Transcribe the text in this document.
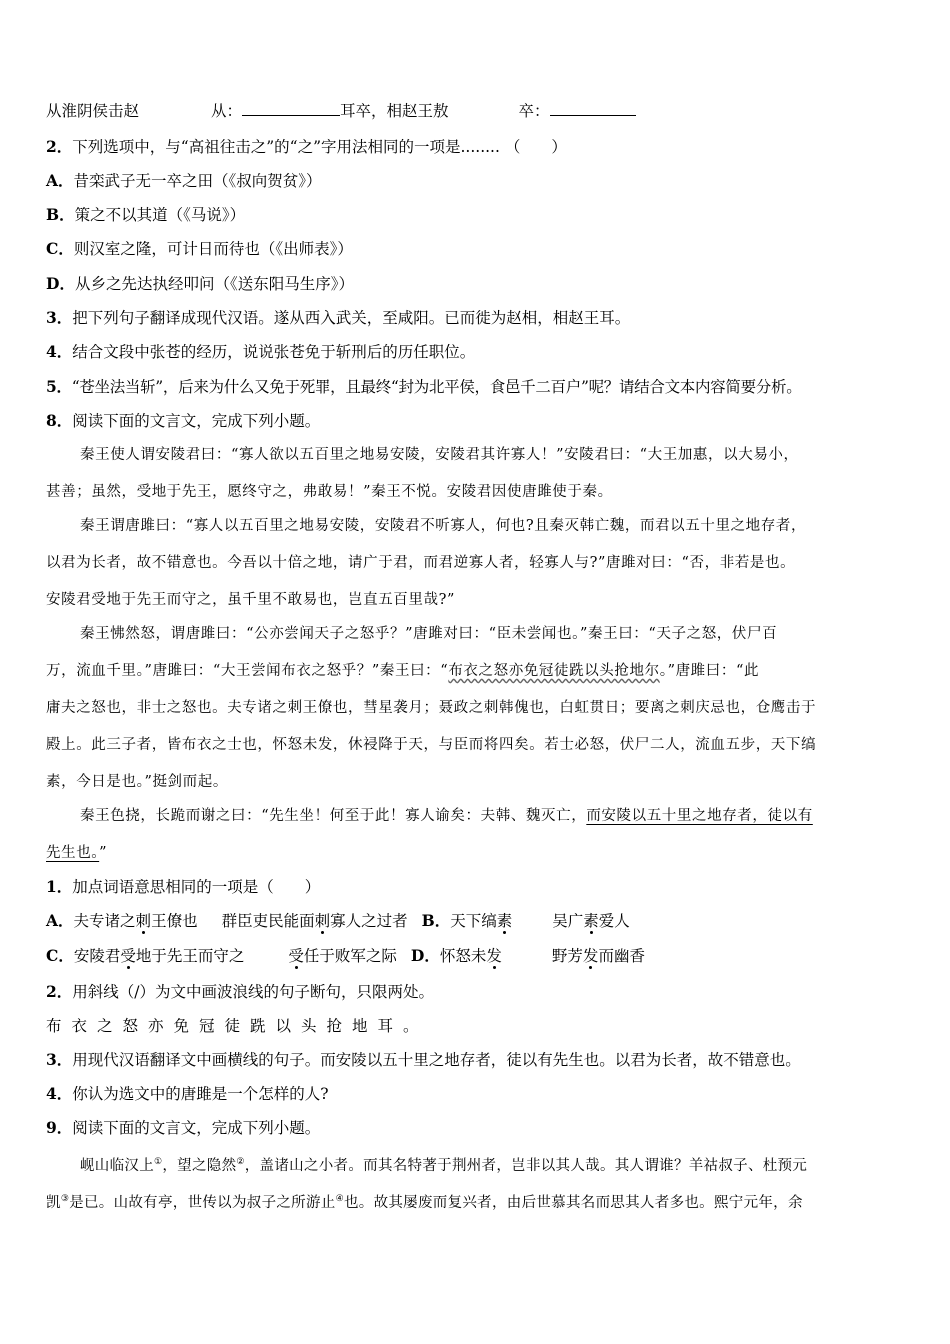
从淮阴侯击赵	从：	耳卒，相赵王敖	卒：
2．下列选项中，与“高祖往击之”的“之”字用法相同的一项是........ （　　）
A．昔栾武子无一卒之田（《叔向贺贫》）
B．策之不以其道（《马说》）
C．则汉室之隆，可计日而待也（《出师表》）
D．从乡之先达执经叩问（《送东阳马生序》）
3．把下列句子翻译成现代汉语。遂从西入武关，至咸阳。已而徙为赵相，相赵王耳。
4．结合文段中张苍的经历，说说张苍免于斩刑后的历任职位。
5．“苍坐法当斩”，后来为什么又免于死罪，且最终“封为北平侯，食邑千二百户”呢？请结合文本内容简要分析。
8．阅读下面的文言文，完成下列小题。
秦王使人谓安陵君曰：“寡人欲以五百里之地易安陵，安陵君其许寡人！”安陵君曰：“大王加惠，以大易小，
甚善；虽然，受地于先王，愿终守之，弗敢易！”秦王不悦。安陵君因使唐雎使于秦。
秦王谓唐雎曰：“寡人以五百里之地易安陵，安陵君不听寡人，何也?且秦灭韩亡魏，而君以五十里之地存者，
以君为长者，故不错意也。今吾以十倍之地，请广于君，而君逆寡人者，轻寡人与?”唐雎对曰：“否，非若是也。
安陵君受地于先王而守之，虽千里不敢易也，岂直五百里哉?”
秦王怫然怒，谓唐雎曰：“公亦尝闻天子之怒乎？”唐雎对曰：“臣未尝闻也。”秦王曰：“天子之怒，伏尸百
万，流血千里。”唐雎曰：“大王尝闻布衣之怒乎？”秦王曰：“布衣之怒亦免冠徒跣以头抢地尔。”唐雎曰：“此
庸夫之怒也，非士之怒也。夫专诸之刺王僚也，彗星袭月；聂政之刺韩傀也，白虹贯日；要离之刺庆忌也，仓鹰击于
殿上。此三子者，皆布衣之士也，怀怒未发，休祲降于天，与臣而将四矣。若士必怒，伏尸二人，流血五步，天下缟
素，今日是也。”挺剑而起。
秦王色挠，长跪而谢之曰：“先生坐！何至于此！寡人谕矣：夫韩、魏灭亡，而安陵以五十里之地存者，徒以有
先生也。”
1．加点词语意思相同的一项是（　　）
A．夫专诸之刺王僚也 群臣吏民能面刺寡人之过者 B．天下缟素	吴广素爱人
C．安陵君受地于先王而守之	受任于败军之际 D．怀怒未发	野芳发而幽香
2．用斜线（/）为文中画波浪线的句子断句，只限两处。
布衣之怒亦免冠徒跣以头抢地耳。
3．用现代汉语翻译文中画横线的句子。而安陵以五十里之地存者，徒以有先生也。以君为长者，故不错意也。
4．你认为选文中的唐雎是一个怎样的人?
9．阅读下面的文言文，完成下列小题。
岘山临汉上①，望之隐然②，盖诸山之小者。而其名特著于荆州者，岂非以其人哉。其人谓谁？羊祜叔子、杜预元
凯③是已。山故有亭，世传以为叔子之所游止④也。故其屡废而复兴者，由后世慕其名而思其人者多也。熙宁元年，余
